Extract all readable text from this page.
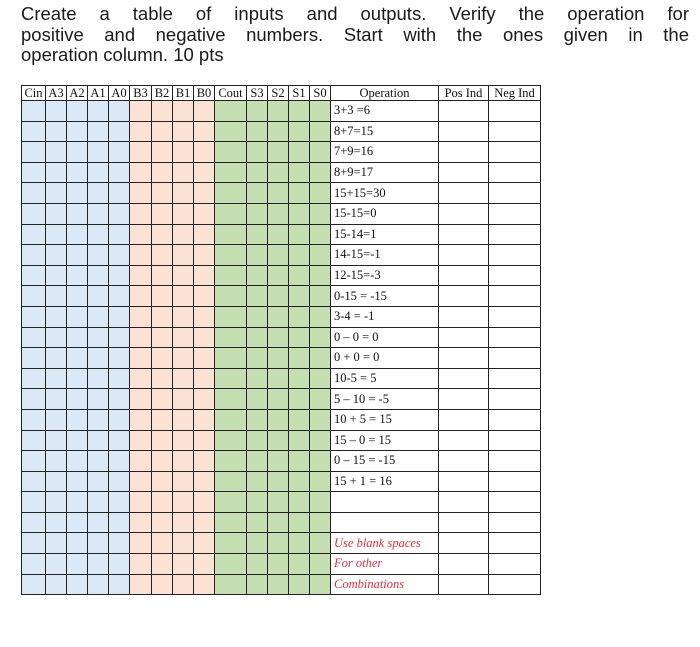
Create a table of inputs and outputs. Verify the operation for
positive and negative numbers. Start with the ones given in the
operation column. 10 pts
Cin	A3	A2	A1	A0	B3	B2	B1	B0	Cout	S3	S2	S1	S0	Operation	Pos Ind	Neg Ind
														3+3 =6		
														8+7=15		
														7+9=16		
														8+9=17		
														15+15=30		
														15-15=0		
														15-14=1		
														14-15=-1		
														12-15=-3		
														0-15 = -15		
														3-4 = -1		
														0 – 0 = 0		
														0 + 0 = 0		
														10-5 = 5		
														5 – 10 = -5		
														10 + 5 = 15		
														15 – 0 = 15		
														0 – 15 = -15		
														15 + 1 = 16		

														Use blank spaces		
														For other		
														Combinations		
